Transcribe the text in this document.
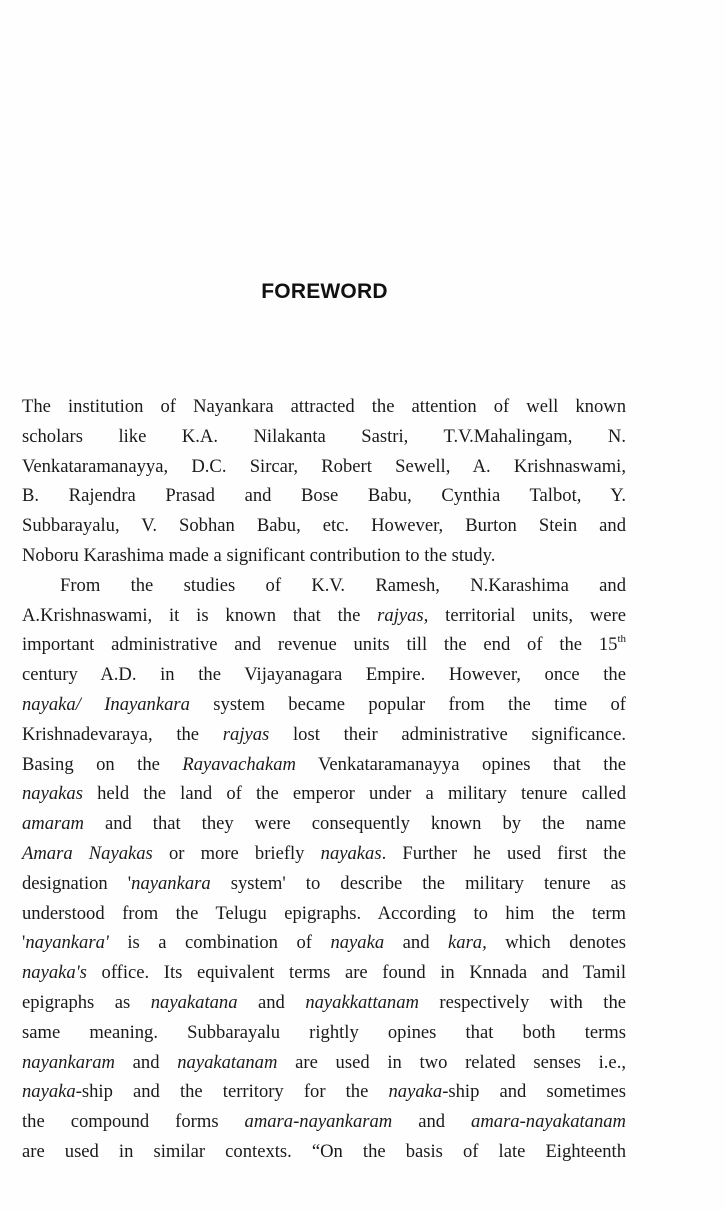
FOREWORD
The institution of Nayankara attracted the attention of well known
scholars like K.A. Nilakanta Sastri, T.V.Mahalingam, N.
Venkataramanayya, D.C. Sircar, Robert Sewell, A. Krishnaswami,
B. Rajendra Prasad and Bose Babu, Cynthia Talbot, Y.
Subbarayalu, V. Sobhan Babu, etc. However, Burton Stein and
Noboru Karashima made a significant contribution to the study.
From the studies of K.V. Ramesh, N.Karashima and
A.Krishnaswami, it is known that the rajyas, territorial units, were
important administrative and revenue units till the end of the 15th
century A.D. in the Vijayanagara Empire. However, once the
nayaka/ Inayankara system became popular from the time of
Krishnadevaraya, the rajyas lost their administrative significance.
Basing on the Rayavachakam Venkataramanayya opines that the
nayakas held the land of the emperor under a military tenure called
amaram and that they were consequently known by the name
Amara Nayakas or more briefly nayakas. Further he used first the
designation 'nayankara system' to describe the military tenure as
understood from the Telugu epigraphs. According to him the term
'nayankara' is a combination of nayaka and kara, which denotes
nayaka's office. Its equivalent terms are found in Knnada and Tamil
epigraphs as nayakatana and nayakkattanam respectively with the
same meaning. Subbarayalu rightly opines that both terms
nayankaram and nayakatanam are used in two related senses i.e.,
nayaka-ship and the territory for the nayaka-ship and sometimes
the compound forms amara-nayankaram and amara-nayakatanam
are used in similar contexts. “On the basis of late Eighteenth
